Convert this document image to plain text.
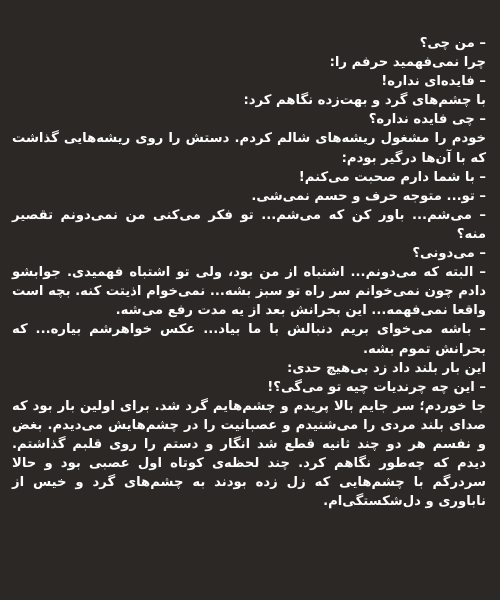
– من چی؟

چرا نمی‌فهمید حرفم را:

– فایده‌ای نداره!

با چشم‌های گرد و بهت‌زده نگاهم کرد:

– چی فایده نداره؟

خودم را مشغول ریشه‌های شالم کردم. دستش را روی ریشه‌هایی گذاشت که با آن‌ها درگیر بودم:

– با شما دارم صحبت می‌کنم!

– تو... متوجه حرف و حسم نمی‌شی.

– می‌شم... باور کن که می‌شم... تو فکر می‌کنی من نمی‌دونم تقصیر منه؟

– می‌دونی؟

– البته که می‌دونم... اشتباه از من بود، ولی تو اشتباه فهمیدی. جوابشو دادم چون نمی‌خوانم سر راه تو سبز بشه... نمی‌خوام اذیتت کنه. بچه است واقعا نمی‌فهمه... این بحرانش بعد از یه مدت رفع می‌شه.

– باشه می‌خوای بریم دنبالش با ما بیاد... عکس خواهرشم بیاره... که بحرانش تموم بشه.

این بار بلند داد زد بی‌هیچ حدی:

– این چه چرندیات چیه تو می‌گی؟!

جا خوردم؛ سر جایم بالا پریدم و چشم‌هایم گرد شد. برای اولین بار بود که صدای بلند مردی را می‌شنیدم و عصبانیت را در چشم‌هایش می‌دیدم. بغض و نفسم هر دو چند ثانیه قطع شد انگار و دستم را روی قلبم گذاشتم. دیدم که چه‌طور نگاهم کرد. چند لحظه‌ی کوتاه اول عصبی بود و حالا سردرگم با چشم‌هایی که زل زده بودند به چشم‌های گرد و خیس از ناباوری و دل‌شکستگی‌ام.
